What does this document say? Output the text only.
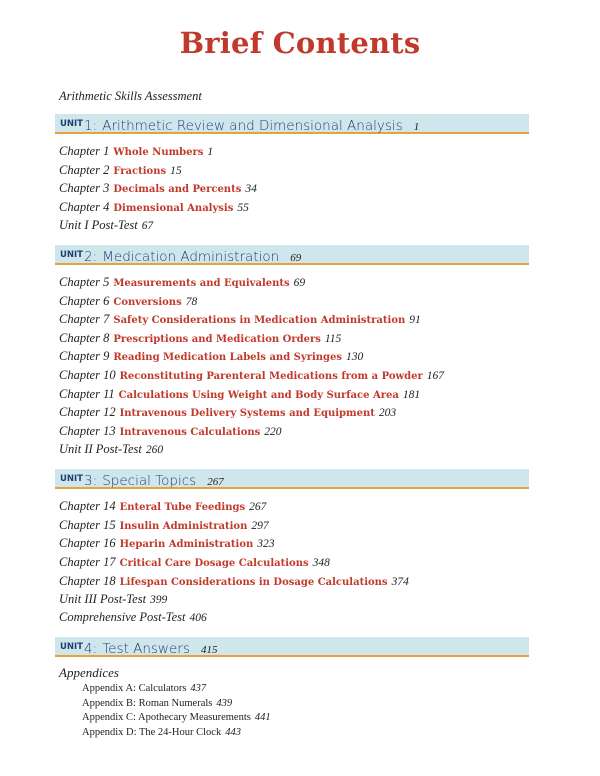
Brief Contents
Arithmetic Skills Assessment
UNIT 1: Arithmetic Review and Dimensional Analysis 1
Chapter 1 Whole Numbers 1
Chapter 2 Fractions 15
Chapter 3 Decimals and Percents 34
Chapter 4 Dimensional Analysis 55
Unit I Post-Test 67
UNIT 2: Medication Administration 69
Chapter 5 Measurements and Equivalents 69
Chapter 6 Conversions 78
Chapter 7 Safety Considerations in Medication Administration 91
Chapter 8 Prescriptions and Medication Orders 115
Chapter 9 Reading Medication Labels and Syringes 130
Chapter 10 Reconstituting Parenteral Medications from a Powder 167
Chapter 11 Calculations Using Weight and Body Surface Area 181
Chapter 12 Intravenous Delivery Systems and Equipment 203
Chapter 13 Intravenous Calculations 220
Unit II Post-Test 260
UNIT 3: Special Topics 267
Chapter 14 Enteral Tube Feedings 267
Chapter 15 Insulin Administration 297
Chapter 16 Heparin Administration 323
Chapter 17 Critical Care Dosage Calculations 348
Chapter 18 Lifespan Considerations in Dosage Calculations 374
Unit III Post-Test 399
Comprehensive Post-Test 406
UNIT 4: Test Answers 415
Appendices
Appendix A: Calculators 437
Appendix B: Roman Numerals 439
Appendix C: Apothecary Measurements 441
Appendix D: The 24-Hour Clock 443
